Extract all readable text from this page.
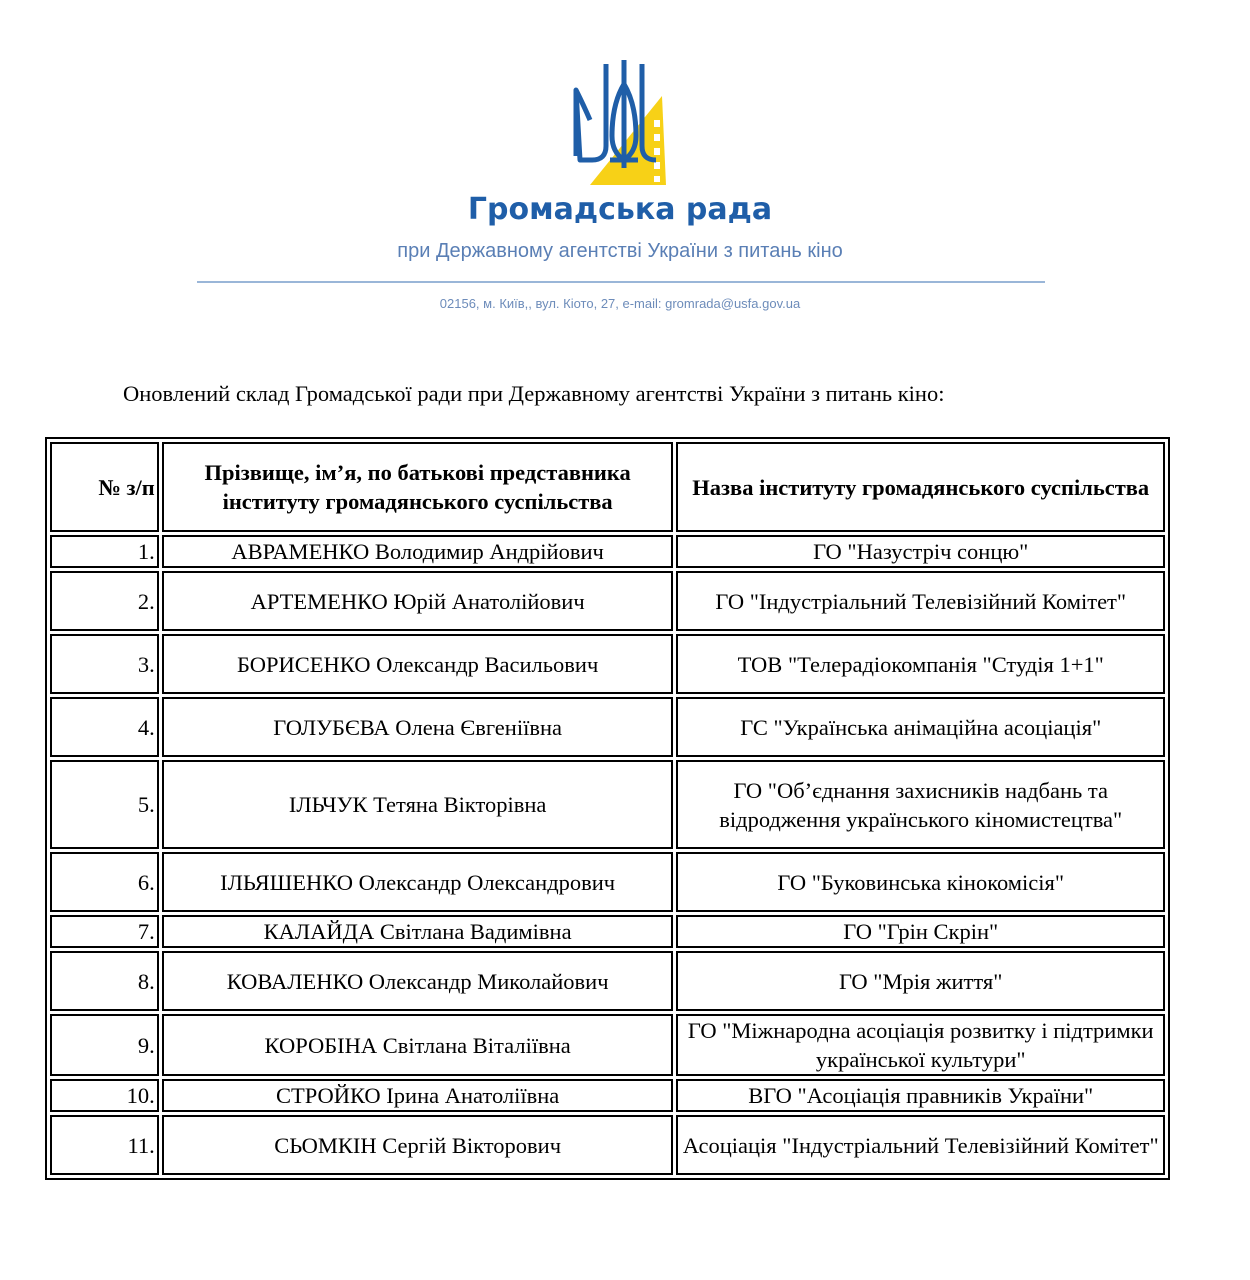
Громадська рада
при Державному агентстві України з питань кіно
02156, м. Київ,, вул. Кіото, 27, e-mail: gromrada@usfa.gov.ua
Оновлений склад Громадської ради при Державному агентстві України з питань кіно:
№ з/п	Прізвище, ім’я, по батькові представника інституту громадянського суспільства	Назва інституту громадянського суспільства
1.	АВРАМЕНКО Володимир Андрійович	ГО "Назустріч сонцю"
2.	АРТЕМЕНКО Юрій Анатолійович	ГО "Індустріальний Телевізійний Комітет"
3.	БОРИСЕНКО Олександр Васильович	ТОВ "Телерадіокомпанія "Студія 1+1"
4.	ГОЛУБЄВА Олена Євгеніївна	ГС "Українська анімаційна асоціація"
5.	ІЛЬЧУК Тетяна Вікторівна	ГО "Об’єднання захисників надбань та відродження українського кіномистецтва"
6.	ІЛЬЯШЕНКО Олександр Олександрович	ГО "Буковинська кінокомісія"
7.	КАЛАЙДА Світлана Вадимівна	ГО "Грін Скрін"
8.	КОВАЛЕНКО Олександр Миколайович	ГО "Мрія життя"
9.	КОРОБІНА Світлана Віталіївна	ГО "Міжнародна асоціація розвитку і підтримки української культури"
10.	СТРОЙКО Ірина Анатоліївна	ВГО "Асоціація правників України"
11.	СЬОМКІН Сергій Вікторович	Асоціація "Індустріальний Телевізійний Комітет"
